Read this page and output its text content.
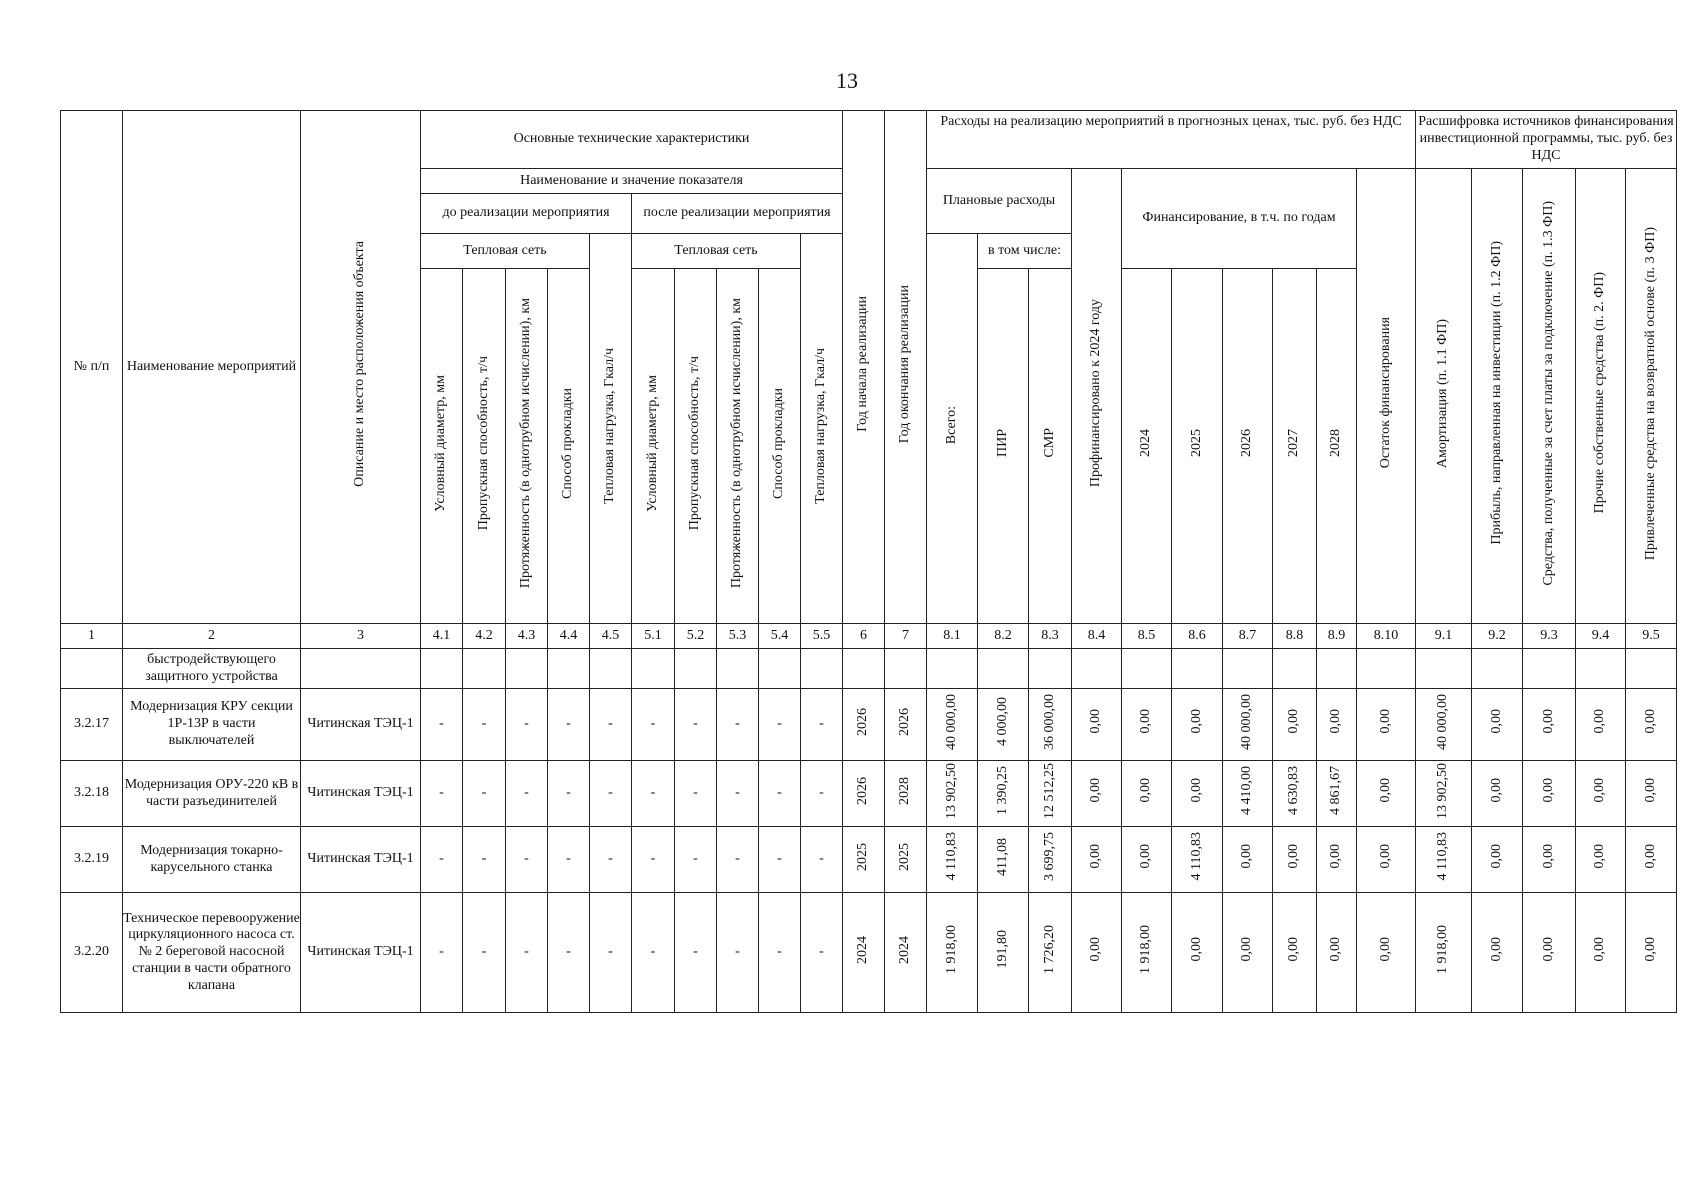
13
№ п/п	Наименование мероприятий	Описание и место расположения объекта	Основные технические характеристики										Год начала реализации	Год окончания реализации	Расходы на реализацию мероприятий в прогнозных ценах, тыс. руб. без НДС										Расшифровка источников финансирования инвестиционной программы, тыс. руб. без НДС				
			Наименование и значение показателя												Плановые расходы			Профинансировано к 2024 году	Финансирование, в т.ч. по годам					Остаток финансирования	Амортизация (п. 1.1 ФП)	Прибыль, направленная на инвестиции (п. 1.2 ФП)	Средства, полученные за счет платы за подключение (п. 1.3 ФП)	Прочие собственные средства (п. 2. ФП)	Привлеченные средства на возвратной основе (п. 3 ФП)
			до реализации мероприятия					после реализации мероприятия																					
			Тепловая сеть				Тепловая нагрузка, Гкал/ч	Тепловая сеть				Тепловая нагрузка, Гкал/ч			Всего:	в том числе:													
			Условный диаметр, мм	Пропускная способность, т/ч	Протяженность (в однотрубном исчислении), км	Способ прокладки		Условный диаметр, мм	Пропускная способность, т/ч	Протяженность (в однотрубном исчислении), км	Способ прокладки					ПИР	СМР		2024	2025	2026	2027	2028						

1	2	3	4.1	4.2	4.3	4.4	4.5	5.1	5.2	5.3	5.4	5.5	6	7	8.1	8.2	8.3	8.4	8.5	8.6	8.7	8.8	8.9	8.10	9.1	9.2	9.3	9.4	9.5
	быстродействующего защитного устройства																												
3.2.17	Модернизация КРУ секции 1Р-13Р в части выключателей	Читинская ТЭЦ-1	-	-	-	-	-	-	-	-	-	-	2026	2026	40 000,00	4 000,00	36 000,00	0,00	0,00	0,00	40 000,00	0,00	0,00	0,00	40 000,00	0,00	0,00	0,00	0,00
3.2.18	Модернизация ОРУ-220 кВ в части разъединителей	Читинская ТЭЦ-1	-	-	-	-	-	-	-	-	-	-	2026	2028	13 902,50	1 390,25	12 512,25	0,00	0,00	0,00	4 410,00	4 630,83	4 861,67	0,00	13 902,50	0,00	0,00	0,00	0,00
3.2.19	Модернизация токарно-карусельного станка	Читинская ТЭЦ-1	-	-	-	-	-	-	-	-	-	-	2025	2025	4 110,83	411,08	3 699,75	0,00	0,00	4 110,83	0,00	0,00	0,00	0,00	4 110,83	0,00	0,00	0,00	0,00
3.2.20	Техническое перевооружение циркуляционного насоса ст. № 2 береговой насосной станции в части обратного клапана	Читинская ТЭЦ-1	-	-	-	-	-	-	-	-	-	-	2024	2024	1 918,00	191,80	1 726,20	0,00	1 918,00	0,00	0,00	0,00	0,00	0,00	1 918,00	0,00	0,00	0,00	0,00
